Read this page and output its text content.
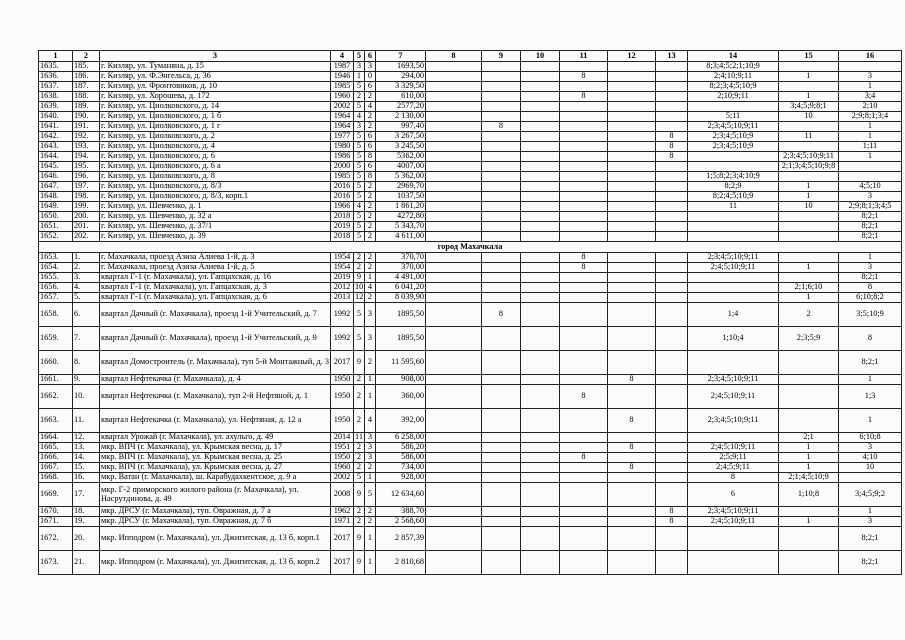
1	2	3	4	5	6	7	8	9	10	11	12	13	14	15	16
1635.	185.	г. Кизляр, ул. Туманяна, д. 15	1987	3	3	1693,50							8;3;4;5;2;1;10;9		
1636.	186.	г. Кизляр, ул. Ф.Энгельса, д. 36	1946	1	0	294,00				8			2;4;10;9;11	1	3
1637.	187.	г. Кизляр, ул. Фронтовиков, д. 10	1985	5	6	3 329,50							8;2;3;4;5;10;9		1
1638.	188.	г. Кизляр, ул. Хорошева, д. 172	1960	2	2	610,00				8			2;10;9;11	1	3;4
1639.	189.	г. Кизляр, ул. Циолковского, д. 14	2002	5	4	2577,20								3;4;5;9;8;1	2;10
1640.	190.	г. Кизляр, ул. Циолковского, д. 1 б	1964	4	2	2 130,00							5;11	10	2;9;8;1;3;4
1641.	191.	г. Кизляр, ул. Циолковского, д. 1 г	1964	3	2	997,40		8					2;3;4;5;10;9;11		1
1642.	192.	г. Кизляр, ул. Циолковского, д. 2	1977	5	6	3 267,50						8	2;3;4;5;10;9	11	1
1643.	193.	г. Кизляр, ул. Циолковского, д. 4	1980	5	6	3 245,50						8	2;3;4;5;10;9		1;11
1644.	194.	г. Кизляр, ул. Циолковского, д. 6	1986	5	8	5362,00						8		2;3;4;5;10;9;11	1
1645.	195.	г. Кизляр, ул. Циолковского, д. 6 а	2000	5	6	4007,00								2;1;3;4;5;10;9;8	
1646.	196.	г. Кизляр, ул. Циолковского, д. 8	1985	5	8	5 362,00							1;5;8;2;3;4;10;9		
1647.	197.	г. Кизляр, ул. Циолковского, д. 8/3	2016	5	2	2969,70							8;2;9	1	4;5;10
1648.	198.	г. Кизляр, ул. Циолковского, д. 8/3, корп.1	2016	5	2	1037,50							8;2;4;5;10;9	1	3
1649.	199.	г. Кизляр, ул. Шевченко, д. 1	1966	4	2	1 861,20							11	10	2;9;8;1;3;4;5
1650.	200.	г. Кизляр, ул. Шевченко, д. 32 а	2018	5	2	4272,80									8;2;1
1651.	201.	г. Кизляр, ул. Шевченко, д. 37/1	2019	5	2	5 343,70									8;2;1
1652.	202.	г. Кизляр, ул. Шевченко, д. 39	2018	5	2	4 611,00									8;2;1
город Махачкала															
1653.	1.	г. Махачкала, проезд Азиза Алиева 1-й, д. 3	1954	2	2	370,70				8			2;3;4;5;10;9;11		1
1654.	2.	г. Махачкала, проезд Азиза Алиева 1-й, д. 5	1954	2	2	370,00				8			2;4;5;10;9;11	1	3
1655.	3.	квартал Г-1 (г. Махачкала), ул. Гапцахская, д. 16	2019	9	1	4 491,00									8;2;1
1656.	4.	квартал Г-1 (г. Махачкала), ул. Гапцахская, д. 3	2012	10	4	6 041,20								2;1;6;10	8
1657.	5.	квартал Г-1 (г. Махачкала), ул. Гапцахская, д. 6	2013	12	2	8 039,90								1	6;10;8;2
1658.	6.	квартал Дачный (г. Махачкала), проезд 1-й Учительский, д. 7	1992	5	3	1895,50		8					1;4	2	3;5;10;9
1659.	7.	квартал Дачный (г. Махачкала), проезд 1-й Учительский, д. 9	1992	5	3	1895,50							1;10;4	2;3;5;9	8
1660.	8.	квартал Домостроитель (г. Махачкала), туп 5-й Монтажный, д. 3	2017	9	2	11 595,60									8;2;1
1661.	9.	квартал Нефтекачка (г. Махачкала), д. 4	1950	2	1	908,00					8		2;3;4;5;10;9;11		1
1662.	10.	квартал Нефтекачка (г. Махачкала), туп 2-й Нефтяной, д. 1	1950	2	1	360,00				8			2;4;5;10;9;11		1;3
1663.	11.	квартал Нефтекачка (г. Махачкала), ул. Нефтяная, д. 12 а	1950	2	4	392,00					8		2;3;4;5;10;9;11		1
1664.	12.	квартал Урожай (г. Махачкала), ул. ахульго, д. 49	2014	11	3	6 258,00								2;1	6;10;8
1665.	13.	мкр. ВПЧ (г. Махачкала), ул. Крымская весна, д. 17	1951	2	3	586,20					8		2;4;5;10;9;11	1	3
1666.	14.	мкр. ВПЧ (г. Махачкала), ул. Крымская весна, д. 25	1950	2	3	586,00				8			2;5;9;11	1	4;10
1667.	15.	мкр. ВПЧ (г. Махачкала), ул. Крымская весна, д. 27	1960	2	2	734,00					8		2;4;5;9;11	1	10
1668.	16.	мкр. Ватан (г. Махачкала), ш. Карабудахкентское, д. 9 а	2002	5	1	928,00							8	2;1;4;5;10;9	
1669.	17.	мкр. Г-2 приморского жилого района (г. Махачкала), ул. Насрутдинова, д. 49	2008	9	5	12 634,60							6	1;10;8	3;4;5;9;2
1670.	18.	мкр. ДРСУ (г. Махачкала), туп. Овражная, д. 7 а	1962	2	2	388,70						8	2;3;4;5;10;9;11		1
1671.	19.	мкр. ДРСУ (г. Махачкала), туп. Овражная, д. 7 б	1971	2	2	2 568,60						8	2;4;5;10;9;11	1	3
1672.	20.	мкр. Ипподром (г. Махачкала), ул. Джигитская, д. 13 б, корп.1	2017	9	1	2 857,39									8;2;1
1673.	21.	мкр. Ипподром (г. Махачкала), ул. Джигитская, д. 13 б, корп.2	2017	9	1	2 810,68									8;2;1
